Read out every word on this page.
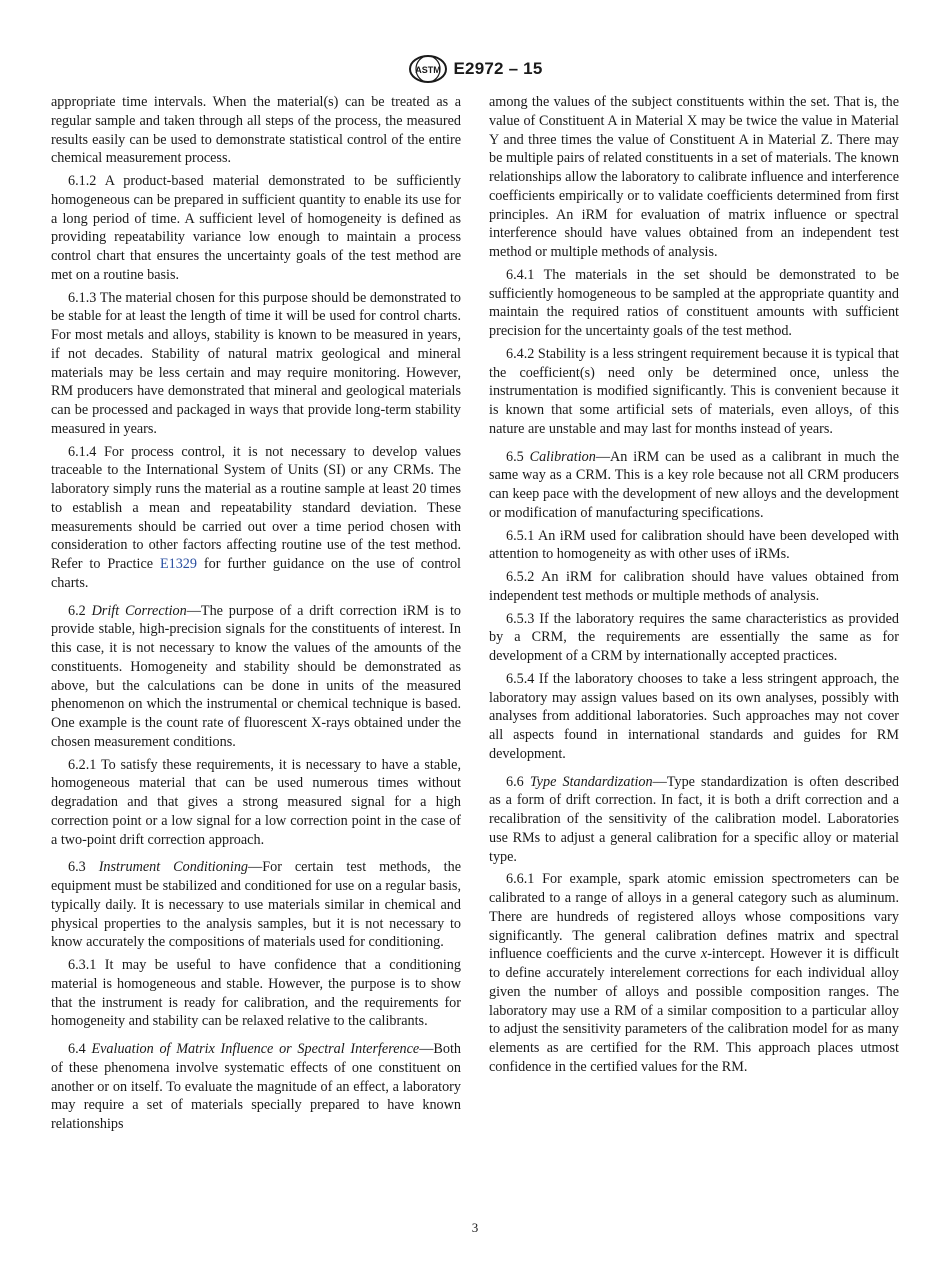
ASTM E2972 – 15

appropriate time intervals. When the material(s) can be treated as a regular sample and taken through all steps of the process, the measured results easily can be used to demonstrate statistical control of the entire chemical measurement process.

6.1.2 A product-based material demonstrated to be sufficiently homogeneous can be prepared in sufficient quantity to enable its use for a long period of time. A sufficient level of homogeneity is defined as providing repeatability variance low enough to maintain a process control chart that ensures the uncertainty goals of the test method are met on a routine basis.

6.1.3 The material chosen for this purpose should be demonstrated to be stable for at least the length of time it will be used for control charts. For most metals and alloys, stability is known to be measured in years, if not decades. Stability of natural matrix geological and mineral materials may be less certain and may require monitoring. However, RM producers have demonstrated that mineral and geological materials can be processed and packaged in ways that provide long-term stability measured in years.

6.1.4 For process control, it is not necessary to develop values traceable to the International System of Units (SI) or any CRMs. The laboratory simply runs the material as a routine sample at least 20 times to establish a mean and repeatability standard deviation. These measurements should be carried out over a time period chosen with consideration to other factors affecting routine use of the test method. Refer to Practice E1329 for further guidance on the use of control charts.

6.2 Drift Correction—The purpose of a drift correction iRM is to provide stable, high-precision signals for the constituents of interest. In this case, it is not necessary to know the values of the amounts of the constituents. Homogeneity and stability should be demonstrated as above, but the calculations can be done in units of the measured phenomenon on which the instrumental or chemical technique is based. One example is the count rate of fluorescent X-rays obtained under the chosen measurement conditions.

6.2.1 To satisfy these requirements, it is necessary to have a stable, homogeneous material that can be used numerous times without degradation and that gives a strong measured signal for a high correction point or a low signal for a low correction point in the case of a two-point drift correction approach.

6.3 Instrument Conditioning—For certain test methods, the equipment must be stabilized and conditioned for use on a regular basis, typically daily. It is necessary to use materials similar in chemical and physical properties to the analysis samples, but it is not necessary to know accurately the compositions of materials used for conditioning.

6.3.1 It may be useful to have confidence that a conditioning material is homogeneous and stable. However, the purpose is to show that the instrument is ready for calibration, and the requirements for homogeneity and stability can be relaxed relative to the calibrants.

6.4 Evaluation of Matrix Influence or Spectral Interference—Both of these phenomena involve systematic effects of one constituent on another or on itself. To evaluate the magnitude of an effect, a laboratory may require a set of materials specially prepared to have known relationships

among the values of the subject constituents within the set. That is, the value of Constituent A in Material X may be twice the value in Material Y and three times the value of Constituent A in Material Z. There may be multiple pairs of related constituents in a set of materials. The known relationships allow the laboratory to calibrate influence and interference coefficients empirically or to validate coefficients determined from first principles. An iRM for evaluation of matrix influence or spectral interference should have values obtained from an independent test method or multiple methods of analysis.

6.4.1 The materials in the set should be demonstrated to be sufficiently homogeneous to be sampled at the appropriate quantity and maintain the required ratios of constituent amounts with sufficient precision for the uncertainty goals of the test method.

6.4.2 Stability is a less stringent requirement because it is typical that the coefficient(s) need only be determined once, unless the instrumentation is modified significantly. This is convenient because it is known that some artificial sets of materials, even alloys, of this nature are unstable and may last for months instead of years.

6.5 Calibration—An iRM can be used as a calibrant in much the same way as a CRM. This is a key role because not all CRM producers can keep pace with the development of new alloys and the development or modification of manufacturing specifications.

6.5.1 An iRM used for calibration should have been developed with attention to homogeneity as with other uses of iRMs.

6.5.2 An iRM for calibration should have values obtained from independent test methods or multiple methods of analysis.

6.5.3 If the laboratory requires the same characteristics as provided by a CRM, the requirements are essentially the same as for development of a CRM by internationally accepted practices.

6.5.4 If the laboratory chooses to take a less stringent approach, the laboratory may assign values based on its own analyses, possibly with analyses from additional laboratories. Such approaches may not cover all aspects found in international standards and guides for RM development.

6.6 Type Standardization—Type standardization is often described as a form of drift correction. In fact, it is both a drift correction and a recalibration of the sensitivity of the calibration model. Laboratories use RMs to adjust a general calibration for a specific alloy or material type.

6.6.1 For example, spark atomic emission spectrometers can be calibrated to a range of alloys in a general category such as aluminum. There are hundreds of registered alloys whose compositions vary significantly. The general calibration defines matrix and spectral influence coefficients and the curve x-intercept. However it is difficult to define accurately interelement corrections for each individual alloy given the number of alloys and possible composition ranges. The laboratory may use a RM of a similar composition to a particular alloy to adjust the sensitivity parameters of the calibration model for as many elements as are certified for the RM. This approach places utmost confidence in the certified values for the RM.

3
